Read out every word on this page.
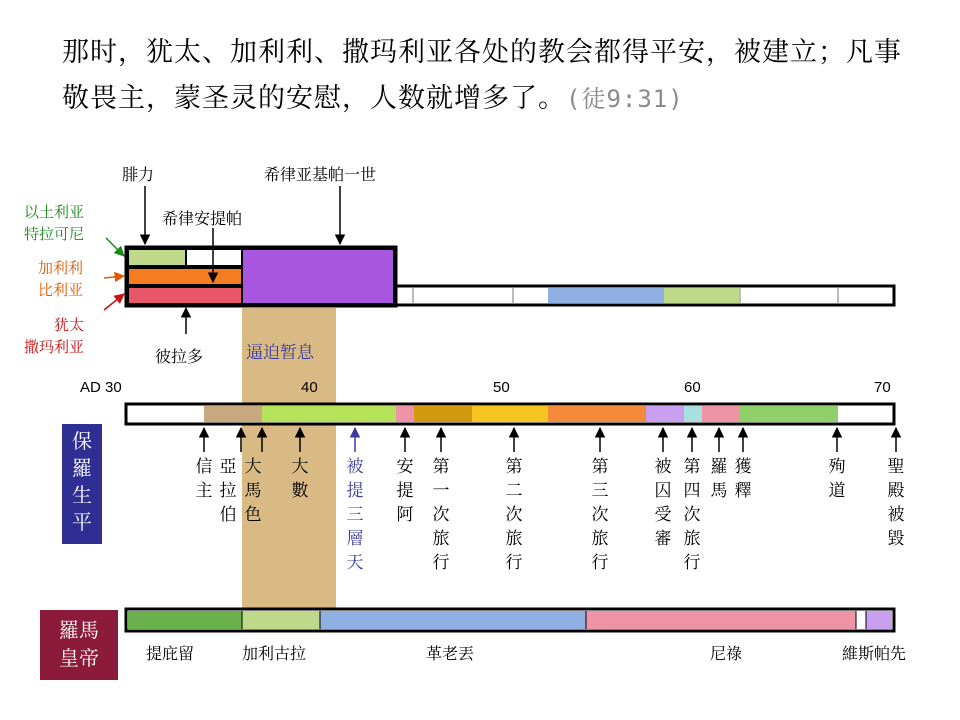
那时，犹太、加利利、撒玛利亚各处的教会都得平安，被建立；凡事敬畏主，蒙圣灵的安慰，人数就增多了。(徒9:31)
腓力	希律亚基帕一世
希律安提帕
以土利亚
特拉可尼
加利利
比利亚
犹太
撒玛利亚	彼拉多	逼迫暂息
AD 30	40	50	60	70
保
羅
生
平
信主
亞拉伯
大馬色
大數
被提三層天
安提阿
第一次旅行
第二次旅行
第三次旅行
被囚受審
第四次旅行
羅馬
獲釋
殉道
聖殿被毀
羅馬
皇帝	提庇留	加利古拉	革老丟	尼祿	維斯帕先
